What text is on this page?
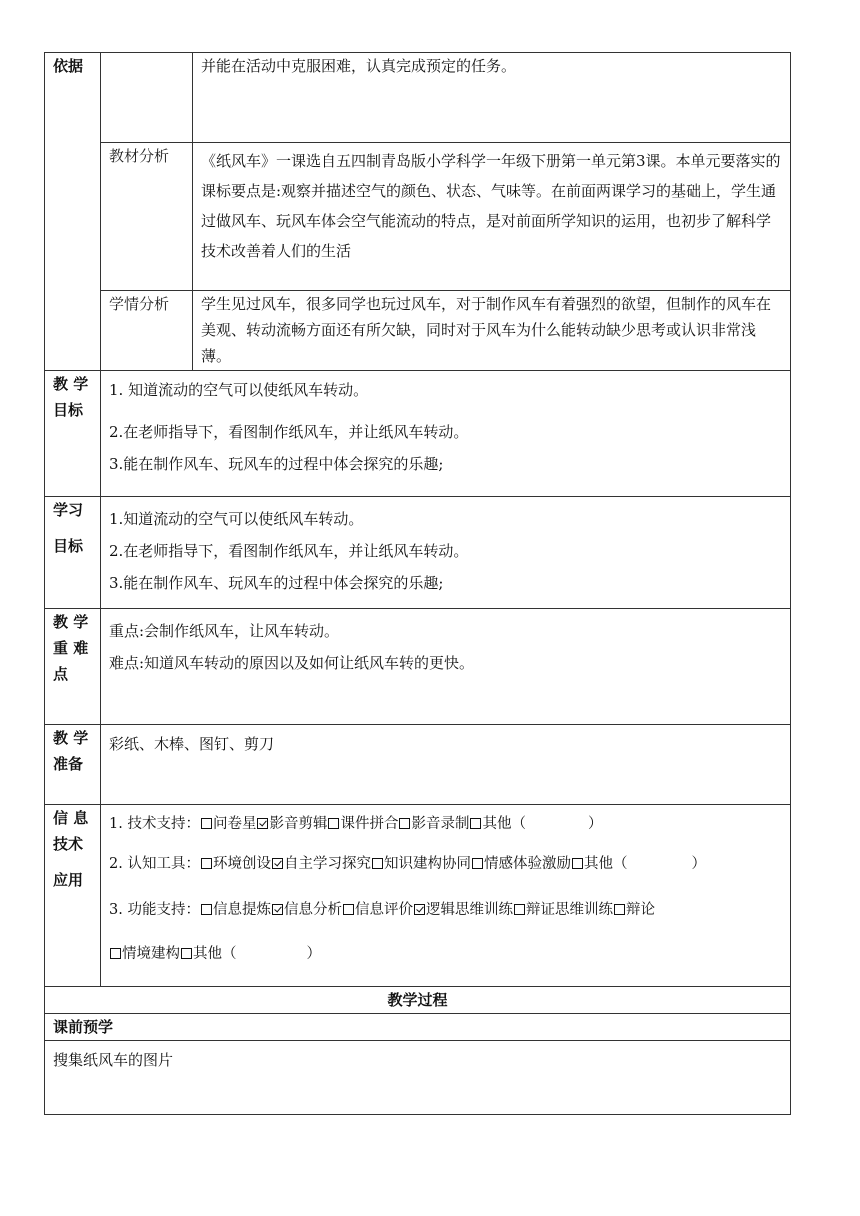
依据		并能在活动中克服困难，认真完成预定的任务。
	教材分析	《纸风车》一课选自五四制青岛版小学科学一年级下册第一单元第3课。本单元要落实的课标要点是:观察并描述空气的颜色、状态、气味等。在前面两课学习的基础上，学生通过做风车、玩风车体会空气能流动的特点，是对前面所学知识的运用，也初步了解科学技术改善着人们的生活
	学情分析	学生见过风车，很多同学也玩过风车，对于制作风车有着强烈的欲望，但制作的风车在美观、转动流畅方面还有所欠缺，同时对于风车为什么能转动缺少思考或认识非常浅薄。

教 学
目标	1. 知道流动的空气可以使纸风车转动。
2.在老师指导下，看图制作纸风车，并让纸风车转动。
3.能在制作风车、玩风车的过程中体会探究的乐趣;	

学习
目标	1.知道流动的空气可以使纸风车转动。
2.在老师指导下，看图制作纸风车，并让纸风车转动。
3.能在制作风车、玩风车的过程中体会探究的乐趣;	

教 学
重 难
点	重点:会制作纸风车，让风车转动。
难点:知道风车转动的原因以及如何让纸风车转的更快。	

教 学
准备	彩纸、木棒、图钉、剪刀	

信 息
技术
应用	1. 技术支持： 问卷星 影音剪辑 课件拼合 影音录制 其他（ ）
2. 认知工具： 环境创设 自主学习探究 知识建构协同 情感体验激励 其他（ ）
3. 功能支持： 信息提炼 信息分析 信息评价 逻辑思维训练 辩证思维训练 辩论
情境建构 其他（ ）	

教学过程		
课前预学		
搜集纸风车的图片		
